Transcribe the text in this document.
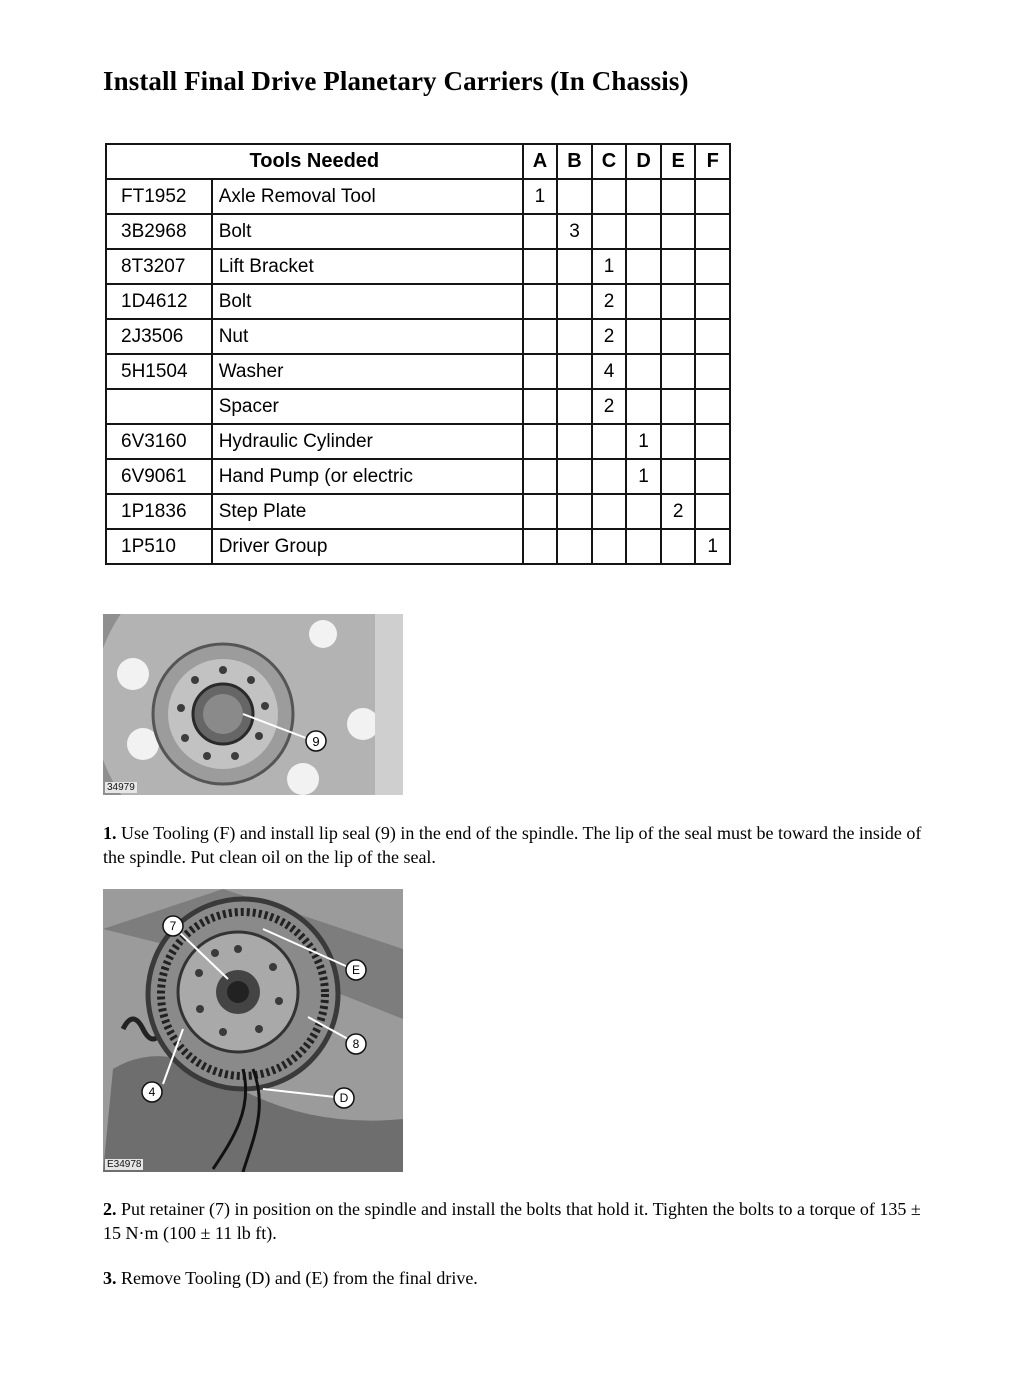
Install Final Drive Planetary Carriers (In Chassis)
Tools Needed		A	B	C	D	E	F
FT1952	Axle Removal Tool	1					
3B2968	Bolt		3				
8T3207	Lift Bracket			1			
1D4612	Bolt			2			
2J3506	Nut			2			
5H1504	Washer			4			
	Spacer			2			
6V3160	Hydraulic Cylinder				1		
6V9061	Hand Pump (or electric				1		
1P1836	Step Plate					2	
1P510	Driver Group						1
9
34979

1. Use Tooling (F) and install lip seal (9) in the end of the spindle. The lip of the seal must be toward the inside of the spindle. Put clean oil on the lip of the seal.

7
E
8
4	D
E34978

2. Put retainer (7) in position on the spindle and install the bolts that hold it. Tighten the bolts to a torque of 135 ± 15 N·m (100 ± 11 lb ft).

3. Remove Tooling (D) and (E) from the final drive.
